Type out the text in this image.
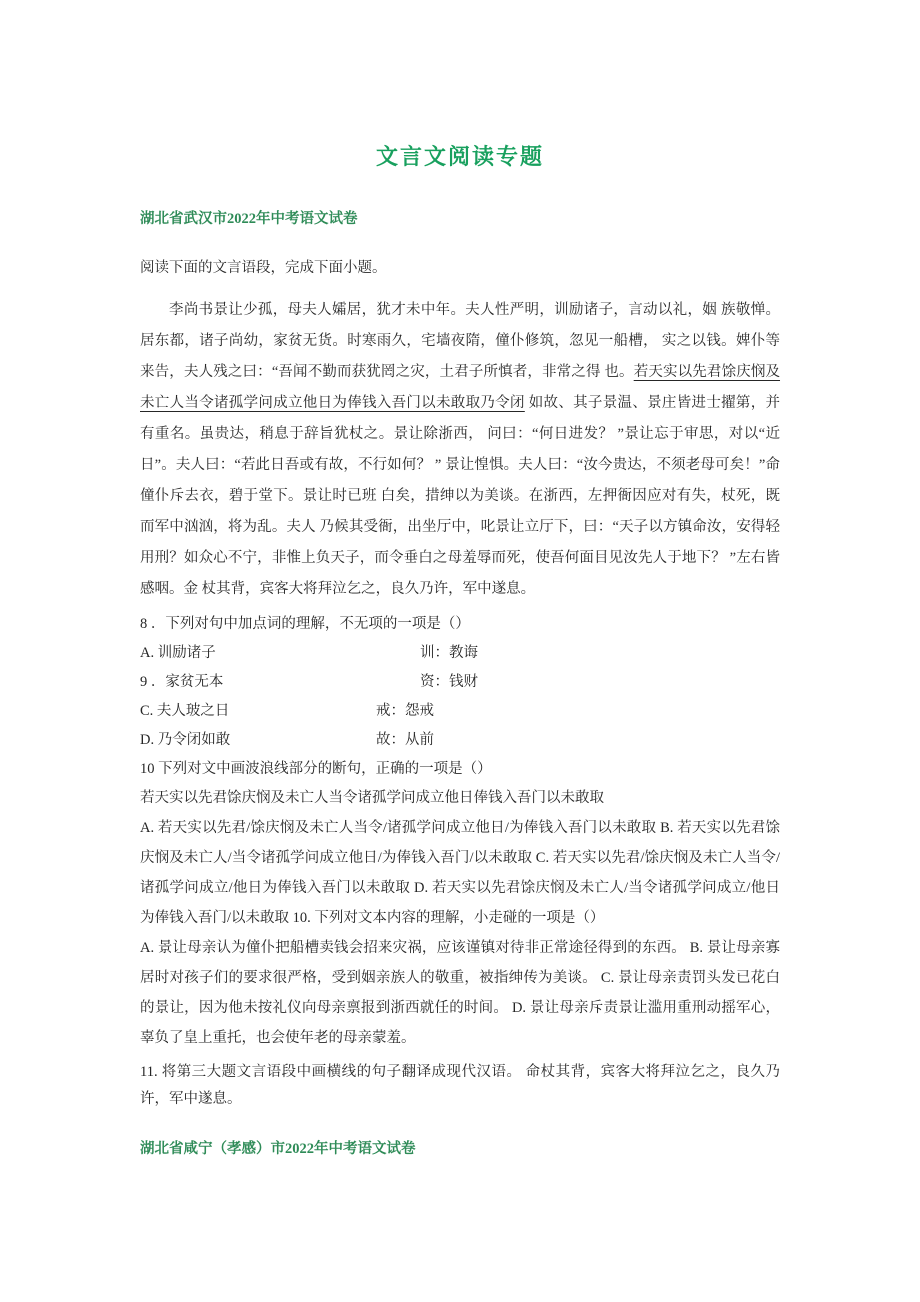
文言文阅读专题
湖北省武汉市2022年中考语文试卷

阅读下面的文言语段，完成下面小题。

李尚书景让少孤，母夫人孀居，犹才未中年。夫人性严明，训励诸子，言动以礼，姻 族敬惮。居东都，诸子尚幼，家贫无货。时寒雨久，宅墙夜隋，僮仆修筑，忽见一船槽， 实之以钱。婢仆等来告，夫人残之曰：“吾闻不勤而获犹罔之灾，土君子所慎者，非常之得 也。若天实以先君馀庆悯及未亡人当令诸孤学问成立他日为俸钱入吾门以未敢取乃令闭 如故、其子景温、景庄皆进士擢第，并有重名。虽贵达，稍息于辞旨犹杖之。景让除浙西， 问曰：“何日进发？ ”景让忘于审思，对以“近日”。夫人曰：“若此日吾或有故，不行如何？ ” 景让惶惧。夫人曰：“汝今贵达，不须老母可矣！”命僮仆斥去衣，碧于堂下。景让时已班 白矣，措绅以为美谈。在浙西，左押衙因应对有失，杖死，既而军中汹汹，将为乱。夫人 乃候其受衙，出坐厅中，叱景让立厅下，曰：“天子以方镇命汝，安得轻用刑？如众心不宁，非惟上负天子，而令垂白之母羞辱而死，使吾何面目见汝先人于地下？ ”左右皆感咽。金 杖其背，宾客大将拜泣乞之，良久乃许，军中遂息。

8 ．下列对句中加点词的理解，不无项的一项是（）

A. 训励诸子	训：教诲
9 ．家贫无本	资：钱财
C. 夫人玻之日	戒：怨戒
D. 乃令闭如敢	故：从前

10 下列对文中画波浪线部分的断句，正确的一项是（）

若天实以先君馀庆悯及未亡人当令诸孤学问成立他日俸钱入吾门以未敢取

A. 若天实以先君/馀庆悯及未亡人当令/诸孤学问成立他日/为俸钱入吾门以未敢取 B. 若天实以先君馀庆悯及未亡人/当令诸孤学问成立他日/为俸钱入吾门/以未敢取 C. 若天实以先君/馀庆悯及未亡人当令/诸孤学问成立/他日为俸钱入吾门以未敢取 D. 若天实以先君馀庆悯及未亡人/当令诸孤学问成立/他日为俸钱入吾门/以未敢取 10. 下列对文本内容的理解，小走碰的一项是（）

A. 景让母亲认为僮仆把船槽卖钱会招来灾祸，应该谨镇对待非正常途径得到的东西。 B. 景让母亲寡居时对孩子们的要求很严格，受到姻亲族人的敬重，被指绅传为美谈。 C. 景让母亲责罚头发已花白的景让，因为他未按礼仪向母亲禀报到浙西就任的时间。 D. 景让母亲斥责景让滥用重刑动摇军心，辜负了皇上重托，也会使年老的母亲蒙羞。

11. 将第三大题文言语段中画横线的句子翻译成现代汉语。 命杖其背，宾客大将拜泣乞之，良久乃许，军中遂息。

湖北省咸宁（孝感）市2022年中考语文试卷
